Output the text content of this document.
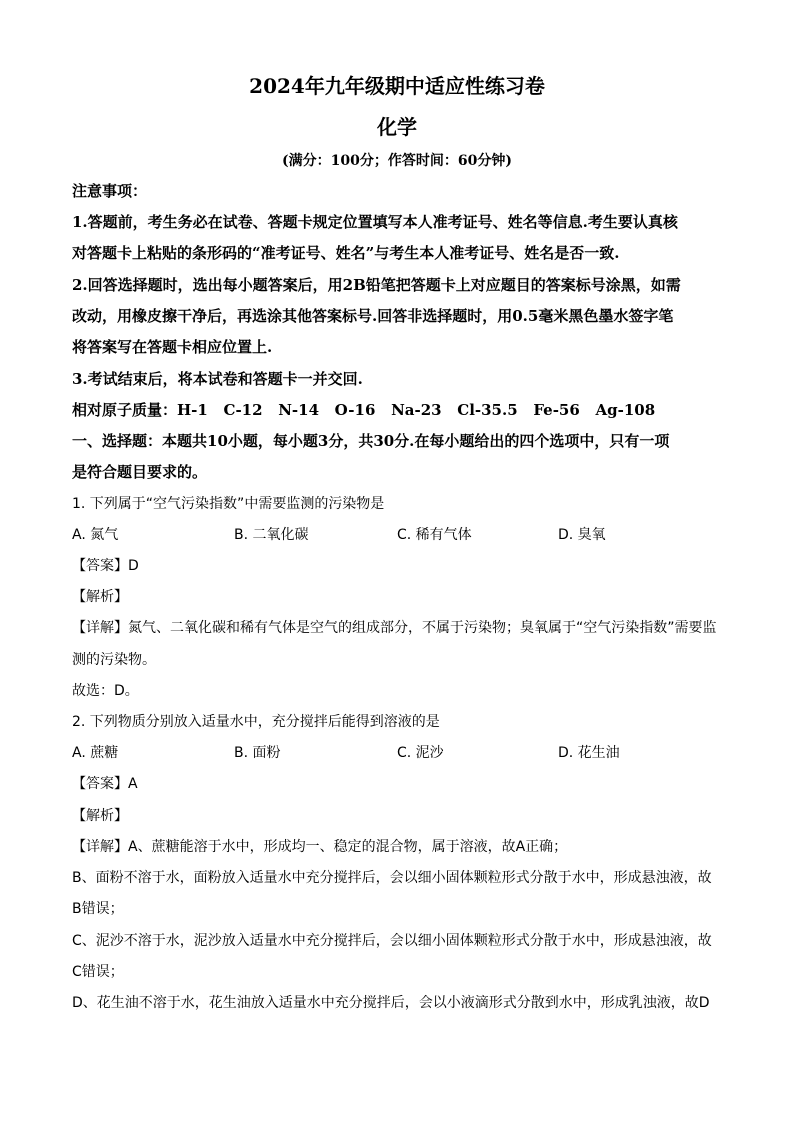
2024年九年级期中适应性练习卷
化学
(满分：100分；作答时间：60分钟)
注意事项：
1.答题前，考生务必在试卷、答题卡规定位置填写本人准考证号、姓名等信息.考生要认真核
对答题卡上粘贴的条形码的“准考证号、姓名”与考生本人准考证号、姓名是否一致.
2.回答选择题时，选出每小题答案后，用2B铅笔把答题卡上对应题目的答案标号涂黑，如需
改动，用橡皮擦干净后，再选涂其他答案标号.回答非选择题时，用0.5毫米黑色墨水签字笔
将答案写在答题卡相应位置上.
3.考试结束后，将本试卷和答题卡一并交回.
相对原子质量：H-1   C-12   N-14   O-16   Na-23   Cl-35.5   Fe-56   Ag-108
一、选择题：本题共10小题，每小题3分，共30分.在每小题给出的四个选项中，只有一项
是符合题目要求的。
1. 下列属于“空气污染指数”中需要监测的污染物是
A. 氮气	B. 二氧化碳	C. 稀有气体	D. 臭氧
【答案】D
【解析】
【详解】氮气、二氧化碳和稀有气体是空气的组成部分，不属于污染物；臭氧属于“空气污染指数”需要监
测的污染物。
故选：D。
2. 下列物质分别放入适量水中，充分搅拌后能得到溶液的是
A. 蔗糖	B. 面粉	C. 泥沙	D. 花生油
【答案】A
【解析】
【详解】A、蔗糖能溶于水中，形成均一、稳定的混合物，属于溶液，故A正确；
B、面粉不溶于水，面粉放入适量水中充分搅拌后，会以细小固体颗粒形式分散于水中，形成悬浊液，故
B错误；
C、泥沙不溶于水，泥沙放入适量水中充分搅拌后，会以细小固体颗粒形式分散于水中，形成悬浊液，故
C错误；
D、花生油不溶于水，花生油放入适量水中充分搅拌后，会以小液滴形式分散到水中，形成乳浊液，故D
